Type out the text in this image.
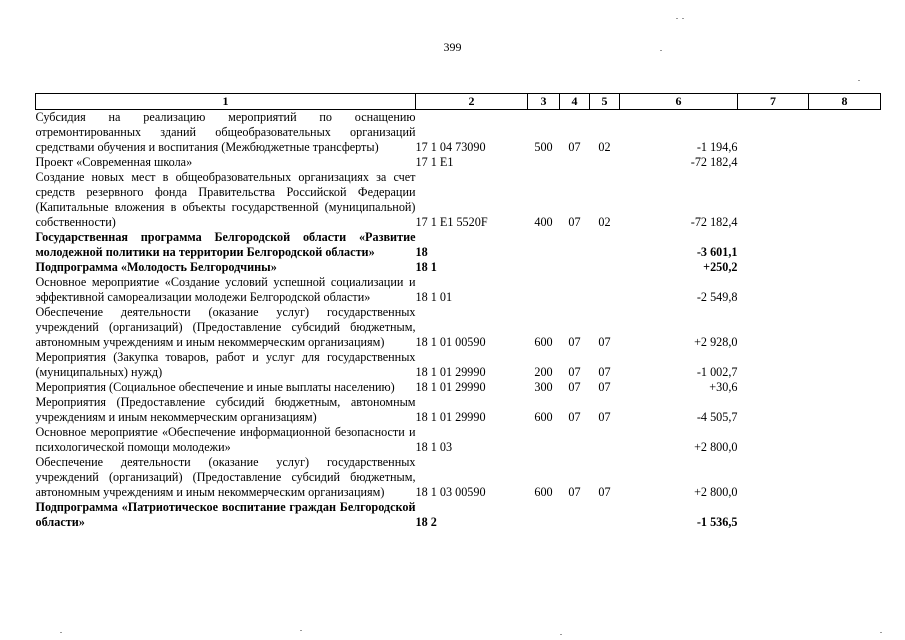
399
1	2	3	4	5	6	7	8
Субсидия на реализацию мероприятий по оснащению отремонтированных зданий общеобразовательных организаций средствами обучения и воспитания (Межбюджетные трансферты)	17 1 04 73090	500	07	02	-1 194,6		
Проект «Современная школа»	17 1 E1				-72 182,4		
Создание новых мест в общеобразовательных организациях за счет средств резервного фонда Правительства Российской Федерации (Капитальные вложения в объекты государственной (муниципальной) собственности)	17 1 E1 5520F	400	07	02	-72 182,4		
Государственная программа Белгородской области «Развитие молодежной политики на территории Белгородской области»	18				-3 601,1		
Подпрограмма «Молодость Белгородчины»	18 1				+250,2		
Основное мероприятие «Создание условий успешной социализации и эффективной самореализации молодежи Белгородской области»	18 1 01				-2 549,8		
Обеспечение деятельности (оказание услуг) государственных учреждений (организаций) (Предоставление субсидий бюджетным, автономным учреждениям и иным некоммерческим организациям)	18 1 01 00590	600	07	07	+2 928,0		
Мероприятия (Закупка товаров, работ и услуг для государственных (муниципальных) нужд)	18 1 01 29990	200	07	07	-1 002,7		
Мероприятия (Социальное обеспечение и иные выплаты населению)	18 1 01 29990	300	07	07	+30,6		
Мероприятия (Предоставление субсидий бюджетным, автономным учреждениям и иным некоммерческим организациям)	18 1 01 29990	600	07	07	-4 505,7		
Основное мероприятие «Обеспечение информационной безопасности и психологической помощи молодежи»	18 1 03				+2 800,0		
Обеспечение деятельности (оказание услуг) государственных учреждений (организаций) (Предоставление субсидий бюджетным, автономным учреждениям и иным некоммерческим организациям)	18 1 03 00590	600	07	07	+2 800,0		
Подпрограмма «Патриотическое воспитание граждан Белгородской области»	18 2				-1 536,5		
